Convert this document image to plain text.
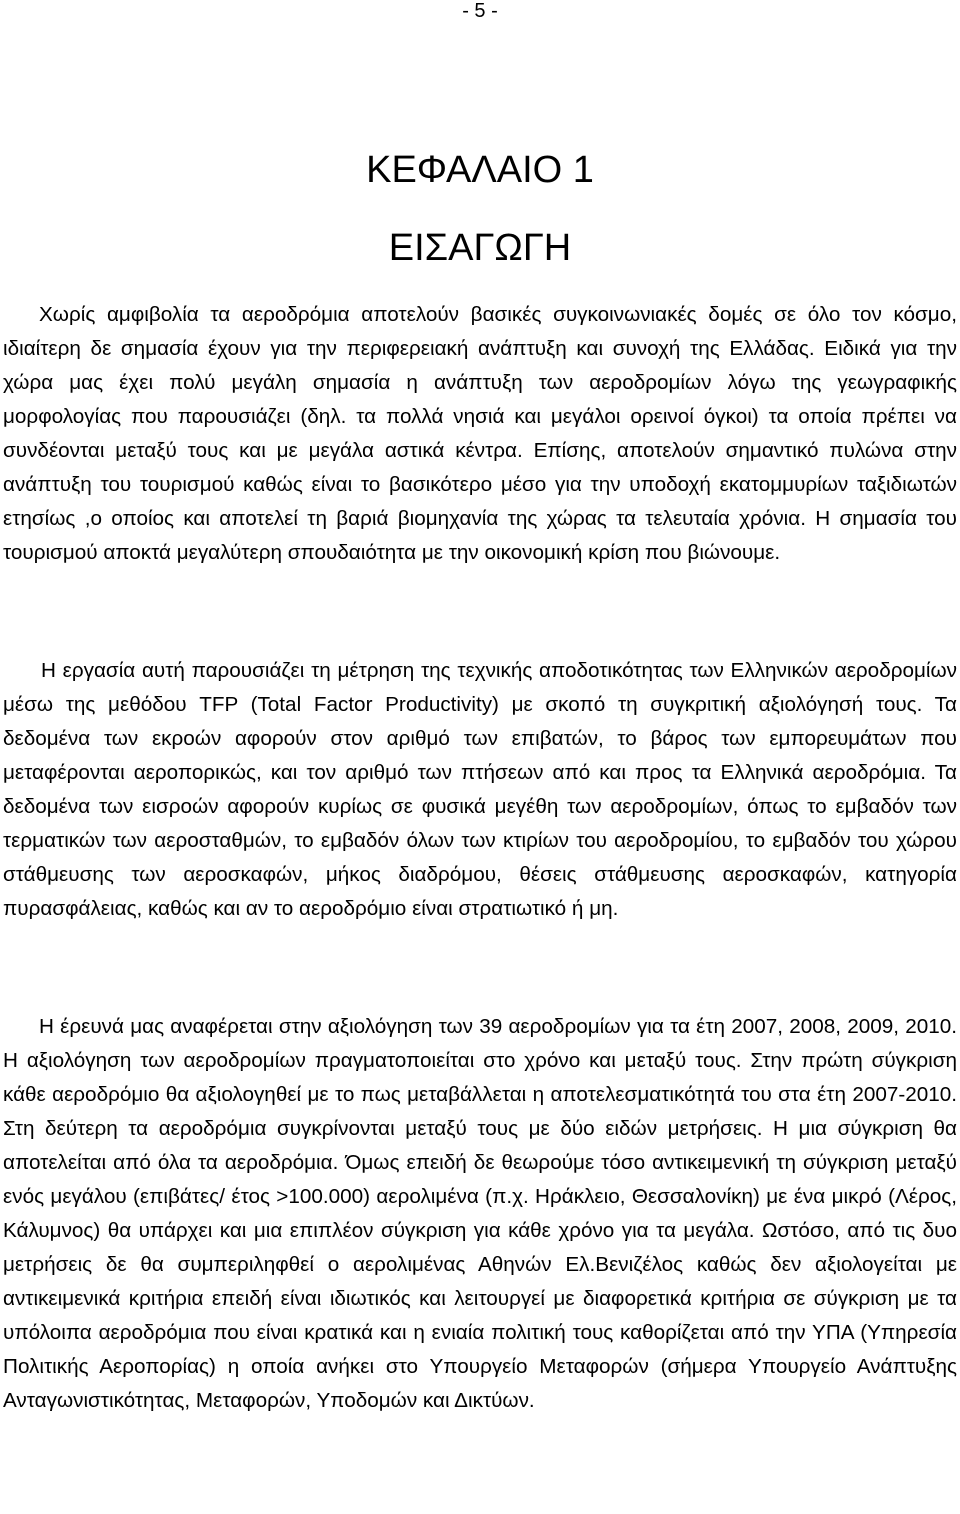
- 5 -
ΚΕΦΑΛΑΙΟ 1
ΕΙΣΑΓΩΓΗ

Χωρίς αμφιβολία τα αεροδρόμια αποτελούν βασικές συγκοινωνιακές δομές σε όλο τον κόσμο, ιδιαίτερη δε σημασία έχουν για την περιφερειακή ανάπτυξη και συνοχή της Ελλάδας. Ειδικά για την χώρα μας έχει πολύ μεγάλη σημασία η ανάπτυξη των αεροδρομίων λόγω της γεωγραφικής μορφολογίας που παρουσιάζει (δηλ. τα πολλά νησιά και μεγάλοι ορεινοί όγκοι) τα οποία πρέπει να συνδέονται μεταξύ τους και με μεγάλα αστικά κέντρα. Επίσης, αποτελούν σημαντικό πυλώνα στην ανάπτυξη του τουρισμού καθώς είναι το βασικότερο μέσο για την υποδοχή εκατομμυρίων ταξιδιωτών ετησίως ,ο οποίος και αποτελεί τη βαριά βιομηχανία της χώρας τα τελευταία χρόνια. Η σημασία του τουρισμού αποκτά μεγαλύτερη σπουδαιότητα με την οικονομική κρίση που βιώνουμε.

Η εργασία αυτή παρουσιάζει τη μέτρηση της τεχνικής αποδοτικότητας των Ελληνικών αεροδρομίων μέσω της μεθόδου TFP (Total Factor Productivity) με σκοπό τη συγκριτική αξιολόγησή τους. Τα δεδομένα των εκροών αφορούν στον αριθμό των επιβατών, το βάρος των εμπορευμάτων που μεταφέρονται αεροπορικώς, και τον αριθμό των πτήσεων από και προς τα Ελληνικά αεροδρόμια. Τα δεδομένα των εισροών αφορούν κυρίως σε φυσικά μεγέθη των αεροδρομίων, όπως το εμβαδόν των τερματικών των αεροσταθμών, το εμβαδόν όλων των κτιρίων του αεροδρομίου, το εμβαδόν του χώρου στάθμευσης των αεροσκαφών, μήκος διαδρόμου, θέσεις στάθμευσης αεροσκαφών, κατηγορία πυρασφάλειας, καθώς και αν το αεροδρόμιο είναι στρατιωτικό ή μη.

Η έρευνά μας αναφέρεται στην αξιολόγηση των 39 αεροδρομίων για τα έτη 2007, 2008, 2009, 2010. Η αξιολόγηση των αεροδρομίων πραγματοποιείται στο χρόνο και μεταξύ τους. Στην πρώτη σύγκριση κάθε αεροδρόμιο θα αξιολογηθεί με το πως μεταβάλλεται η αποτελεσματικότητά του στα έτη 2007-2010. Στη δεύτερη τα αεροδρόμια συγκρίνονται μεταξύ τους με δύο ειδών μετρήσεις. Η μια σύγκριση θα αποτελείται από όλα τα αεροδρόμια. Όμως επειδή δε θεωρούμε τόσο αντικειμενική τη σύγκριση μεταξύ ενός μεγάλου (επιβάτες/ έτος >100.000) αερολιμένα (π.χ. Ηράκλειο, Θεσσαλονίκη) με ένα μικρό (Λέρος, Κάλυμνος) θα υπάρχει και μια επιπλέον σύγκριση για κάθε χρόνο για τα μεγάλα. Ωστόσο, από τις δυο μετρήσεις δε θα συμπεριληφθεί ο αερολιμένας Αθηνών Ελ.Βενιζέλος καθώς δεν αξιολογείται με αντικειμενικά κριτήρια επειδή είναι ιδιωτικός και λειτουργεί με διαφορετικά κριτήρια σε σύγκριση με τα υπόλοιπα αεροδρόμια που είναι κρατικά και η ενιαία πολιτική τους καθορίζεται από την ΥΠΑ (Υπηρεσία Πολιτικής Αεροπορίας) η οποία ανήκει στο Υπουργείο Μεταφορών (σήμερα Υπουργείο Ανάπτυξης Ανταγωνιστικότητας, Μεταφορών, Υποδομών και Δικτύων.
